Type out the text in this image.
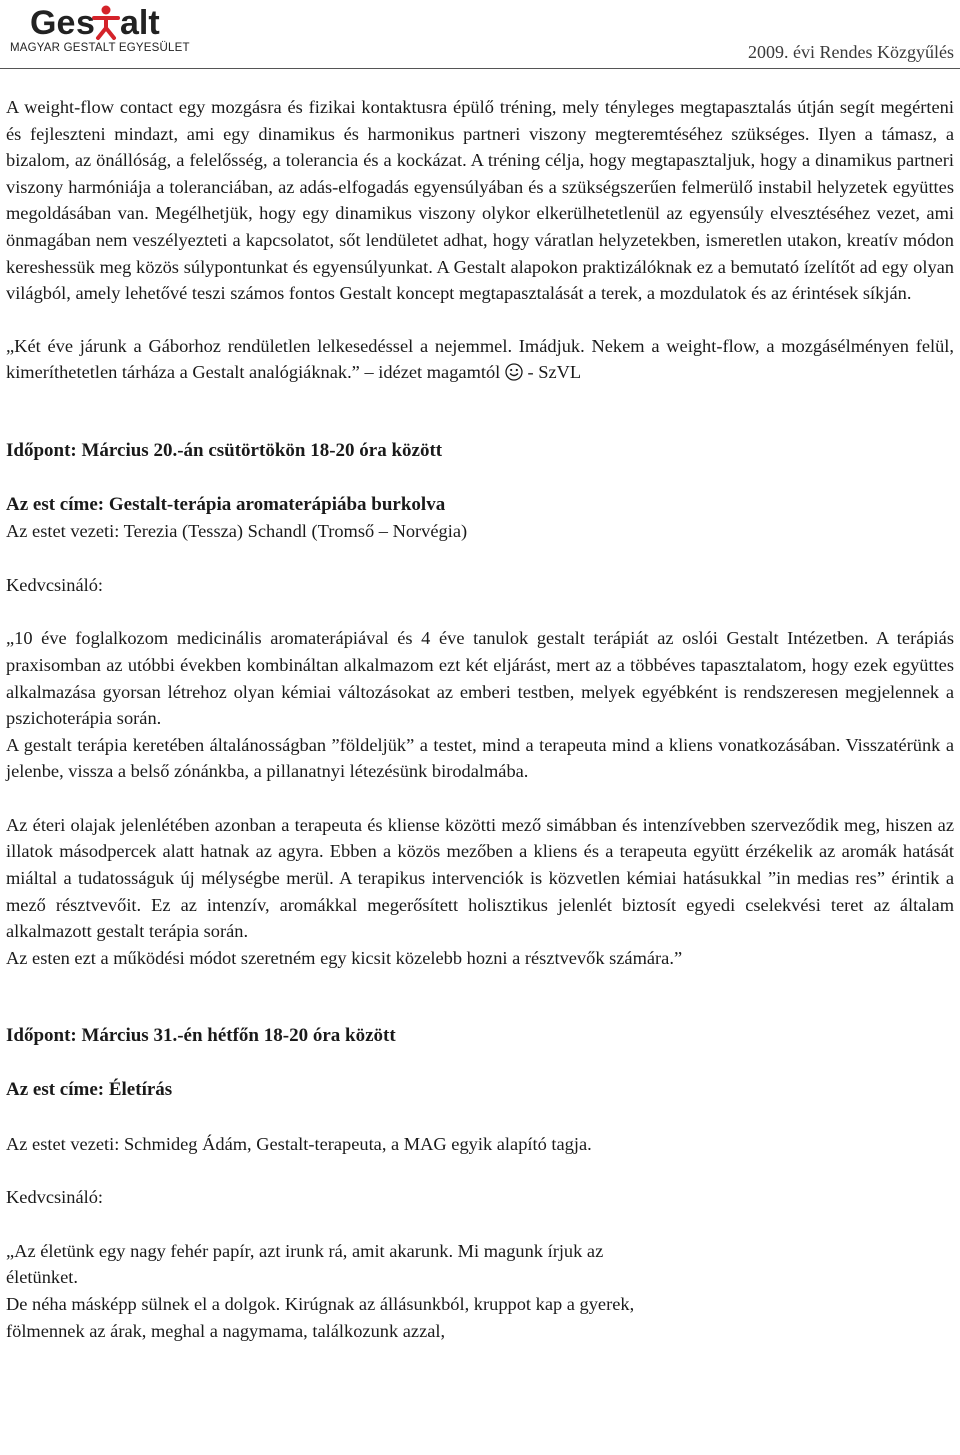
Ge alt
s
MAGYAR GESTALT EGYESÜLET	2009. évi Rendes Közgyűlés

A weight-flow contact egy mozgásra és fizikai kontaktusra épülő tréning, mely tényleges megtapasztalás útján segít megérteni és fejleszteni mindazt, ami egy dinamikus és harmonikus partneri viszony megteremtéséhez szükséges. Ilyen a támasz, a bizalom, az önállóság, a felelősség, a tolerancia és a kockázat. A tréning célja, hogy megtapasztaljuk, hogy a dinamikus partneri viszony harmóniája a toleranciában, az adás-elfogadás egyensúlyában és a szükségszerűen felmerülő instabil helyzetek együttes megoldásában van. Megélhetjük, hogy egy dinamikus viszony olykor elkerülhetetlenül az egyensúly elvesztéséhez vezet, ami önmagában nem veszélyezteti a kapcsolatot, sőt lendületet adhat, hogy váratlan helyzetekben, ismeretlen utakon, kreatív módon kereshessük meg közös súlypontunkat és egyensúlyunkat. A Gestalt alapokon praktizálóknak ez a bemutató ízelítőt ad egy olyan világból, amely lehetővé teszi számos fontos Gestalt koncept megtapasztalását a terek, a mozdulatok és az érintések síkján.

„Két éve járunk a Gáborhoz rendületlen lelkesedéssel a nejemmel. Imádjuk. Nekem a weight-flow, a mozgásélményen felül, kimeríthetetlen tárháza a Gestalt analógiáknak.” – idézet magamtól - SzVL

Időpont: Március 20.-án csütörtökön 18-20 óra között

Az est címe: Gestalt-terápia aromaterápiába burkolva

Az estet vezeti: Terezia (Tessza) Schandl (Tromső – Norvégia)

Kedvcsináló:

„10 éve foglalkozom medicinális aromaterápiával és 4 éve tanulok gestalt terápiát az oslói Gestalt Intézetben. A terápiás praxisomban az utóbbi években kombináltan alkalmazom ezt két eljárást, mert az a többéves tapasztalatom, hogy ezek együttes alkalmazása gyorsan létrehoz olyan kémiai változásokat az emberi testben, melyek egyébként is rendszeresen megjelennek a pszichoterápia során.

A gestalt terápia keretében általánosságban ”földeljük” a testet, mind a terapeuta mind a kliens vonatkozásában. Visszatérünk a jelenbe, vissza a belső zónánkba, a pillanatnyi létezésünk birodalmába.

Az éteri olajak jelenlétében azonban a terapeuta és kliense közötti mező simábban és intenzívebben szerveződik meg, hiszen az illatok másodpercek alatt hatnak az agyra. Ebben a közös mezőben a kliens és a terapeuta együtt érzékelik az aromák hatását miáltal a tudatosságuk új mélységbe merül. A terapikus intervenciók is közvetlen kémiai hatásukkal ”in medias res” érintik a mező résztvevőit. Ez az intenzív, aromákkal megerősített holisztikus jelenlét biztosít egyedi cselekvési teret az általam alkalmazott gestalt terápia során.

Az esten ezt a működési módot szeretném egy kicsit közelebb hozni a résztvevők számára.”

Időpont: Március 31.-én hétfőn 18-20 óra között

Az est címe: Életírás

Az estet vezeti: Schmideg Ádám, Gestalt-terapeuta, a MAG egyik alapító tagja.

Kedvcsináló:

„Az életünk egy nagy fehér papír, azt irunk rá, amit akarunk. Mi magunk írjuk az életünket.

De néha másképp sülnek el a dolgok. Kirúgnak az állásunkból, kruppot kap a gyerek, fölmennek az árak, meghal a nagymama, találkozunk azzal,
